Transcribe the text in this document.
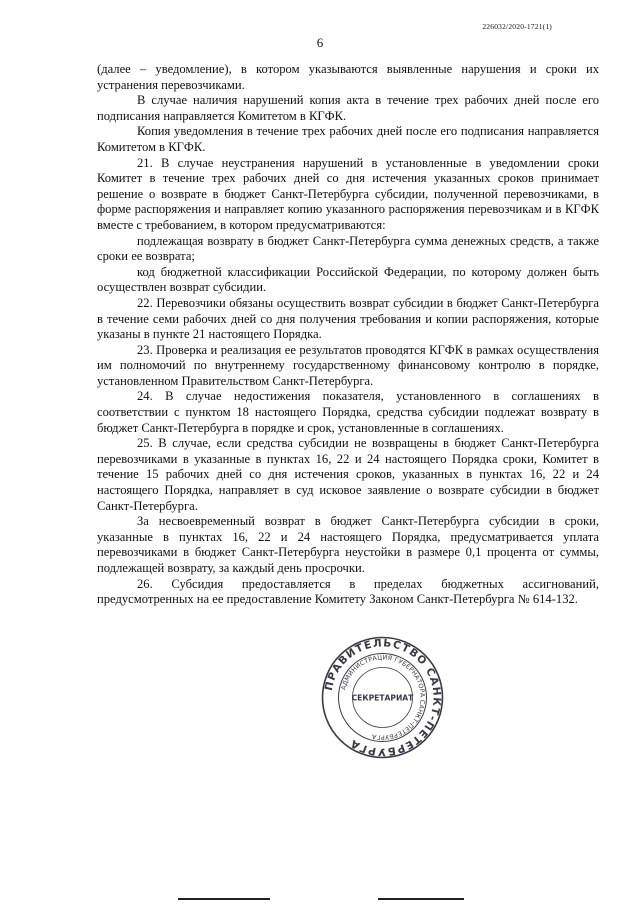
226032/2020-1721(1)
6

(далее – уведомление), в котором указываются выявленные нарушения и сроки их устранения перевозчиками.

В случае наличия нарушений копия акта в течение трех рабочих дней после его подписания направляется Комитетом в КГФК.

Копия уведомления в течение трех рабочих дней после его подписания направляется Комитетом в КГФК.

21. В случае неустранения нарушений в установленные в уведомлении сроки Комитет в течение трех рабочих дней со дня истечения указанных сроков принимает решение о возврате в бюджет Санкт-Петербурга субсидии, полученной перевозчиками, в форме распоряжения и направляет копию указанного распоряжения перевозчикам и в КГФК вместе с требованием, в котором предусматриваются:

подлежащая возврату в бюджет Санкт-Петербурга сумма денежных средств, а также сроки ее возврата;

код бюджетной классификации Российской Федерации, по которому должен быть осуществлен возврат субсидии.

22. Перевозчики обязаны осуществить возврат субсидии в бюджет Санкт-Петербурга в течение семи рабочих дней со дня получения требования и копии распоряжения, которые указаны в пункте 21 настоящего Порядка.

23. Проверка и реализация ее результатов проводятся КГФК в рамках осуществления им полномочий по внутреннему государственному финансовому контролю в порядке, установленном Правительством Санкт-Петербурга.

24. В случае недостижения показателя, установленного в соглашениях в соответствии с пунктом 18 настоящего Порядка, средства субсидии подлежат возврату в бюджет Санкт-Петербурга в порядке и срок, установленные в соглашениях.

25. В случае, если средства субсидии не возвращены в бюджет Санкт-Петербурга перевозчиками в указанные в пунктах 16, 22 и 24 настоящего Порядка сроки, Комитет в течение 15 рабочих дней со дня истечения сроков, указанных в пунктах 16, 22 и 24 настоящего Порядка, направляет в суд исковое заявление о возврате субсидии в бюджет Санкт-Петербурга.

За несвоевременный возврат в бюджет Санкт-Петербурга субсидии в сроки, указанные в пунктах 16, 22 и 24 настоящего Порядка, предусматривается уплата перевозчиками в бюджет Санкт-Петербурга неустойки в размере 0,1 процента от суммы, подлежащей возврату, за каждый день просрочки.

26. Субсидия предоставляется в пределах бюджетных ассигнований, предусмотренных на ее предоставление Комитету Законом Санкт-Петербурга № 614-132.

ПРАВИТЕЛЬСТВО САНКТ-ПЕТЕРБУРГА
АДМИНИСТРАЦИЯ ГУБЕРНАТОРА САНКТ-ПЕТЕРБУРГА
СЕКРЕТАРИАТ
